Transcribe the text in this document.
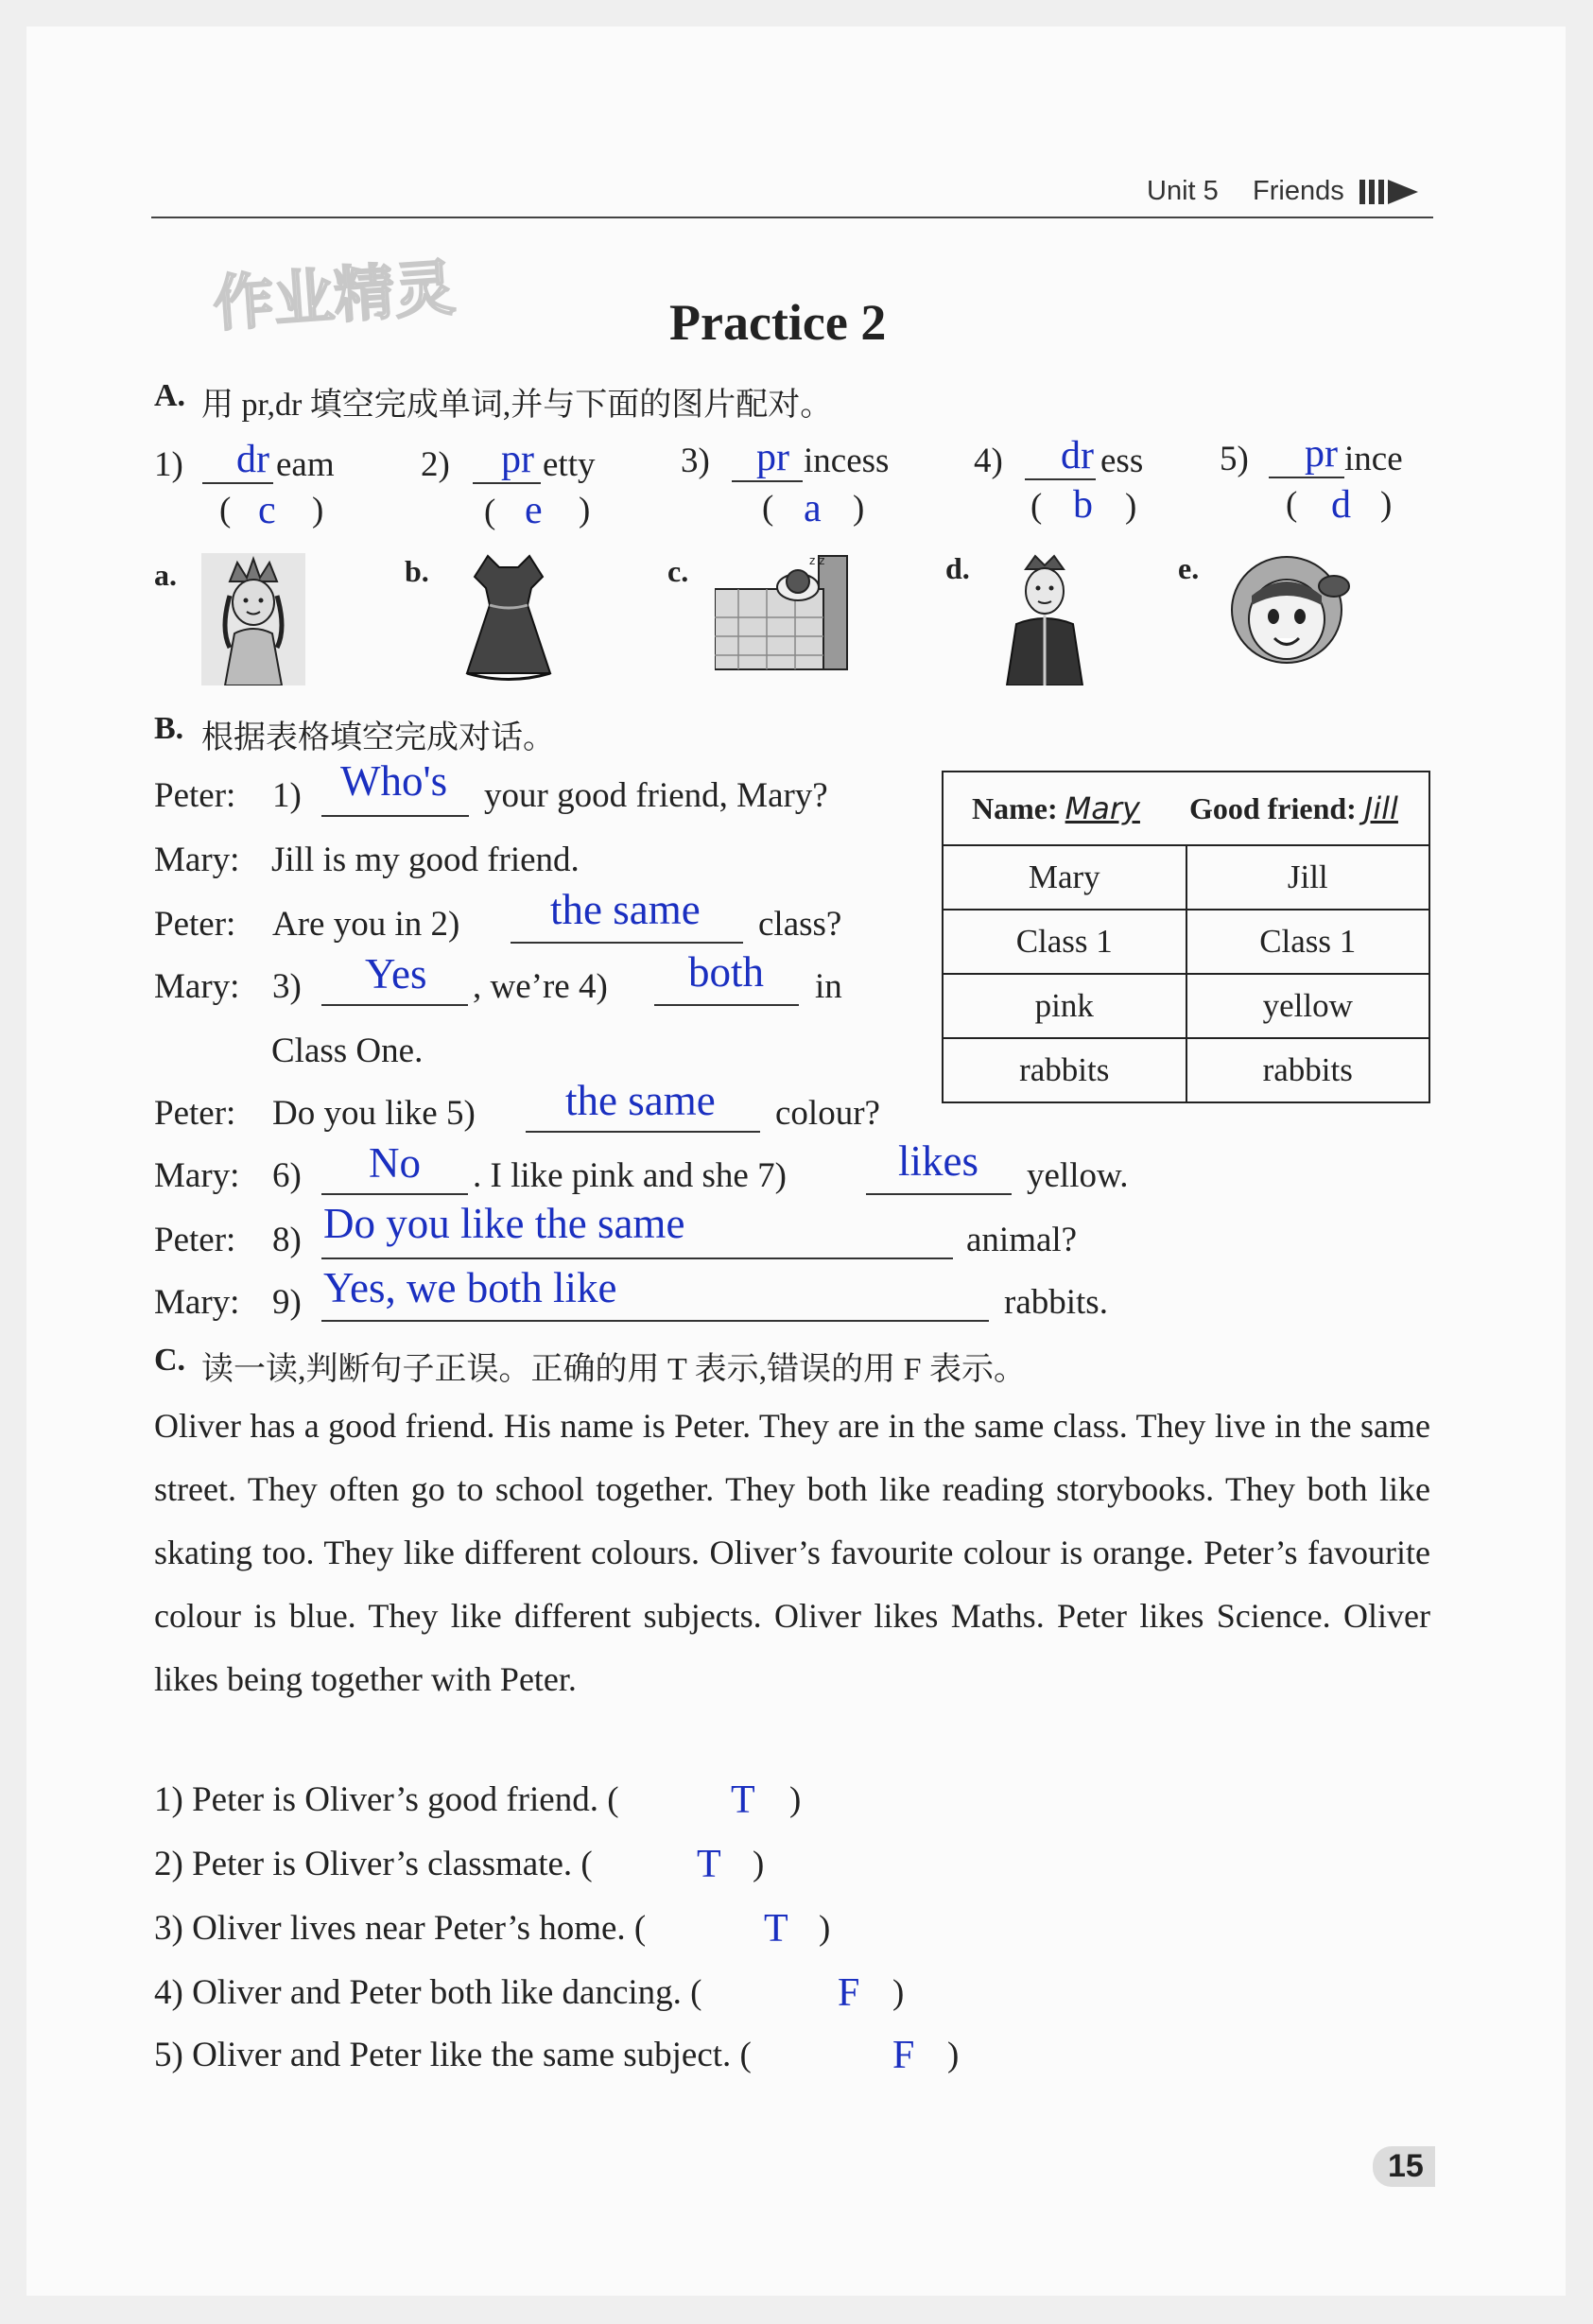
Unit 5 Friends
作业精灵	Practice 2
A. 用 pr,dr 填空完成单词,并与下面的图片配对。
1) dr eam
( c )
2) pr etty
( e )
3) pr incess
( a )
4) dr ess
( b )
5) pr ince
( d )
a.	b.	c.	z z	d.	e.
B. 根据表格填空完成对话。
Peter: 1) Who's your good friend, Mary?
Mary: Jill is my good friend.
Peter: Are you in 2) the same class?
Mary: 3) Yes , we’re 4) both in
Class One.
Peter: Do you like 5) the same colour?
Mary: 6) No . I like pink and she 7)	likes yellow.
Peter: 8) Do you like the same	animal?
Mary: 9) Yes, we both like	rabbits.
Name: Mary Good friend: Jill	
Mary	Jill
Class 1	Class 1
pink	yellow
rabbits	rabbits
C. 读一读,判断句子正误。正确的用 T 表示,错误的用 F 表示。
Oliver has a good friend. His name is Peter. They are in the same class. They live in the same street. They often go to school together. They both like reading storybooks. They both like skating too. They like different colours. Oliver’s favourite colour is orange. Peter’s favourite colour is blue. They like different subjects. Oliver likes Maths. Peter likes Science. Oliver likes being together with Peter.
1) Peter is Oliver’s good friend. (	T )
2) Peter is Oliver’s classmate. (	T )
3) Oliver lives near Peter’s home. (	T )
4) Oliver and Peter both like dancing. (	F )
5) Oliver and Peter like the same subject. (	F )
15
